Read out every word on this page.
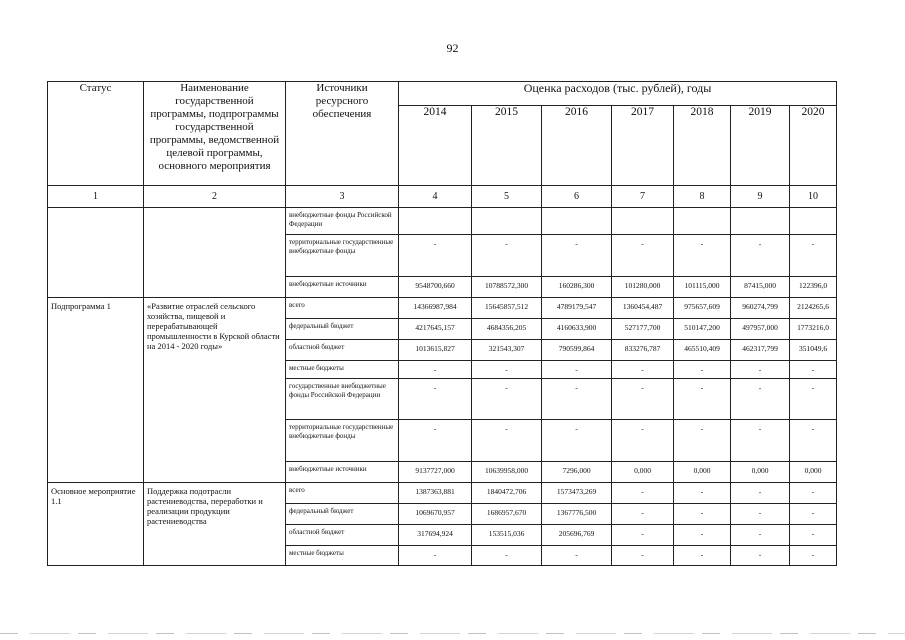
92
Статус	Наименование государственной программы, подпрограммы государственной программы, ведомственной целевой программы, основного мероприятия	Источники ресурсного обеспечения	Оценка расходов (тыс. рублей), годы						
			2014	2015	2016	2017	2018	2019	2020
1	2	3	4	5	6	7	8	9	10
		внебюджетные фонды Российской Федерации							
		территориальные государственные внебюджетные фонды	-	-	-	-	-	-	-
		внебюджетные источники	9548700,660	10788572,300	160286,300	101280,000	101115,000	87415,000	122396,0
Подпрограмма 1	«Развитие отраслей сельского хозяйства, пищевой и перерабатывающей промышленности в Курской области на 2014 - 2020 годы»	всего	14366987,984	15645857,512	4789179,547	1360454,487	975657,609	960274,799	2124265,6
		федеральный бюджет	4217645,157	4684356,205	4160633,900	527177,700	510147,200	497957,000	1773216,0
		областной бюджет	1013615,827	321543,307	790599,864	833276,787	465510,409	462317,799	351049,6
		местные бюджеты	-	-	-	-	-	-	-
		государственные внебюджетные фонды Российской Федерации	-	-	-	-	-	-	-
		территориальные государственные внебюджетные фонды	-	-	-	-	-	-	-
		внебюджетные источники	9137727,000	10639958,000	7296,000	0,000	0,000	0,000	0,000
Основное мероприятие 1.1	Поддержка подотрасли растениеводства, переработки и реализации продукции растениеводства	всего	1387363,881	1840472,706	1573473,269	-	-	-	-
		федеральный бюджет	1069670,957	1686957,670	1367776,500	-	-	-	-
		областной бюджет	317694,924	153515,036	205696,769	-	-	-	-
		местные бюджеты	-	-	-	-	-	-	-
